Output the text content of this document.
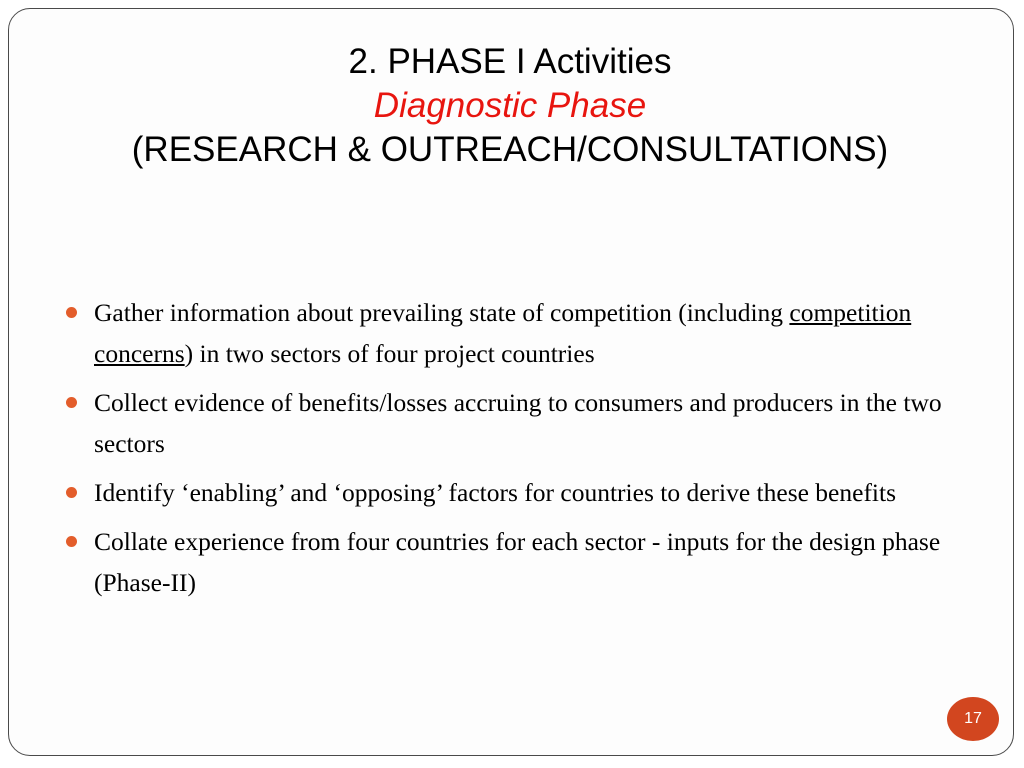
2. PHASE I Activities
Diagnostic Phase
(RESEARCH & OUTREACH/CONSULTATIONS)
Gather information about prevailing state of competition (including competition concerns) in two sectors of four project countries
Collect evidence of benefits/losses accruing to consumers and producers in the two sectors
Identify ‘enabling’ and ‘opposing’ factors for countries to derive these benefits
Collate experience from four countries for each sector - inputs for the design phase (Phase-II)
17
